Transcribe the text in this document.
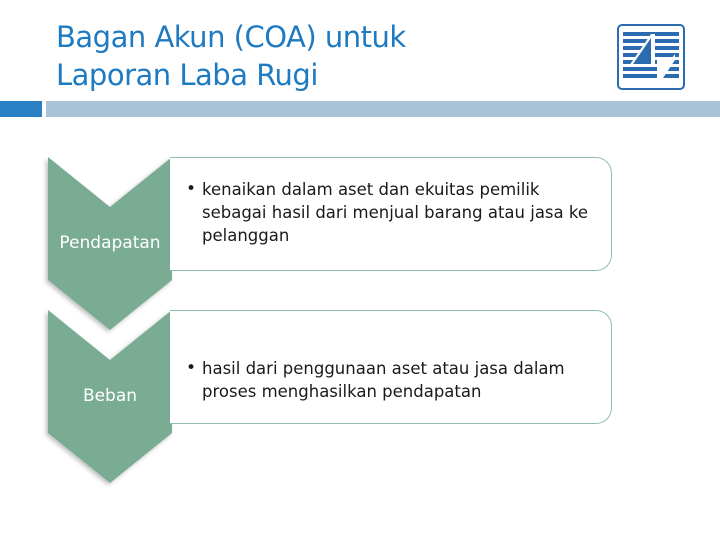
Bagan Akun (COA) untuk
Laporan Laba Rugi
• kenaikan dalam aset dan ekuitas pemilik sebagai hasil dari menjual barang atau jasa ke pelanggan
• hasil dari penggunaan aset atau jasa dalam proses menghasilkan pendapatan
Pendapatan
Beban
